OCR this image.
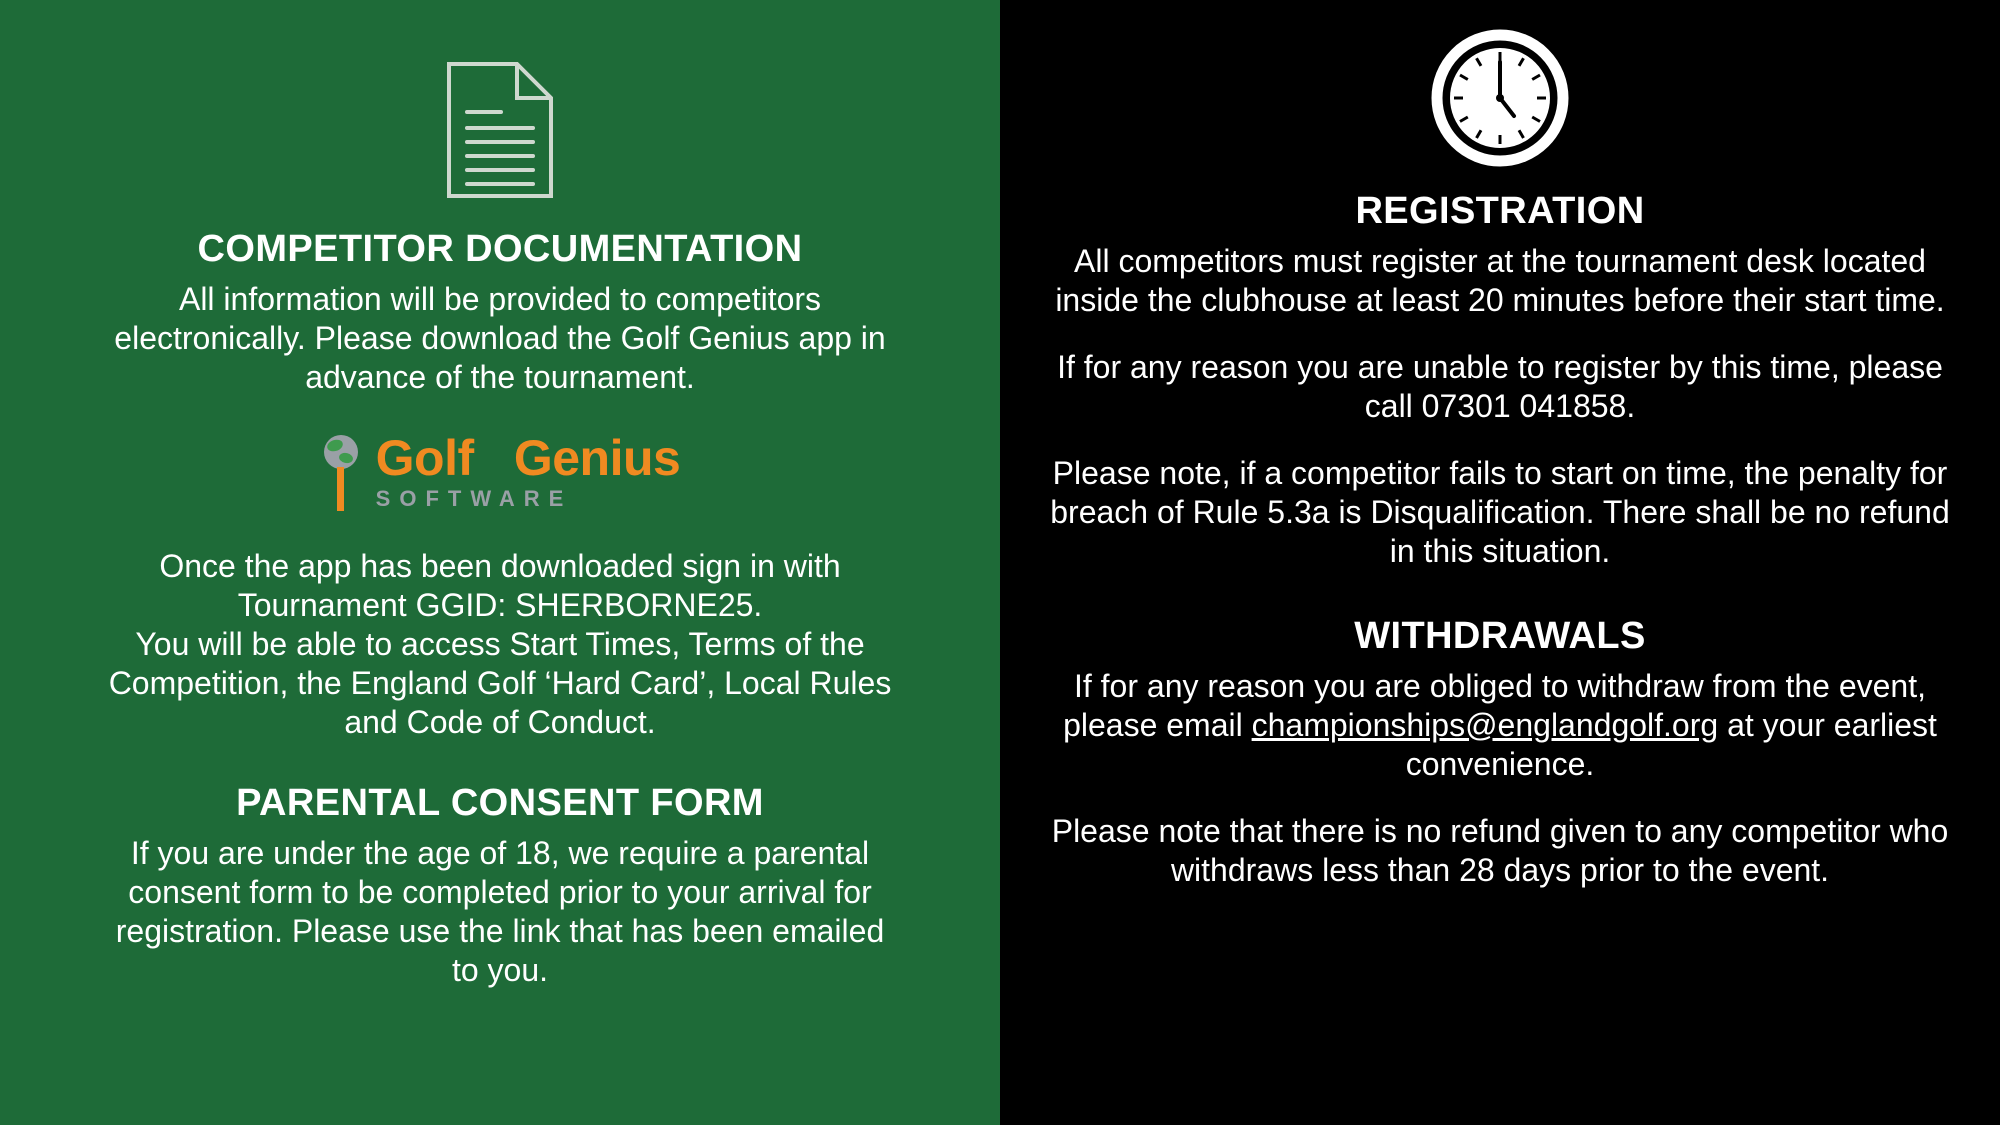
COMPETITOR DOCUMENTATION

All information will be provided to competitors electronically. Please download the Golf Genius app in advance of the tournament.

Golf Genius
SOFTWARE

Once the app has been downloaded sign in with

Tournament GGID: SHERBORNE25.

You will be able to access Start Times, Terms of the Competition, the England Golf ‘Hard Card’, Local Rules and Code of Conduct.

PARENTAL CONSENT FORM

If you are under the age of 18, we require a parental consent form to be completed prior to your arrival for registration. Please use the link that has been emailed to you.

REGISTRATION

All competitors must register at the tournament desk located inside the clubhouse at least 20 minutes before their start time.

If for any reason you are unable to register by this time, please call 07301 041858.

Please note, if a competitor fails to start on time, the penalty for breach of Rule 5.3a is Disqualification. There shall be no refund in this situation.

WITHDRAWALS

If for any reason you are obliged to withdraw from the event, please email championships@englandgolf.org at your earliest convenience.

Please note that there is no refund given to any competitor who withdraws less than 28 days prior to the event.
